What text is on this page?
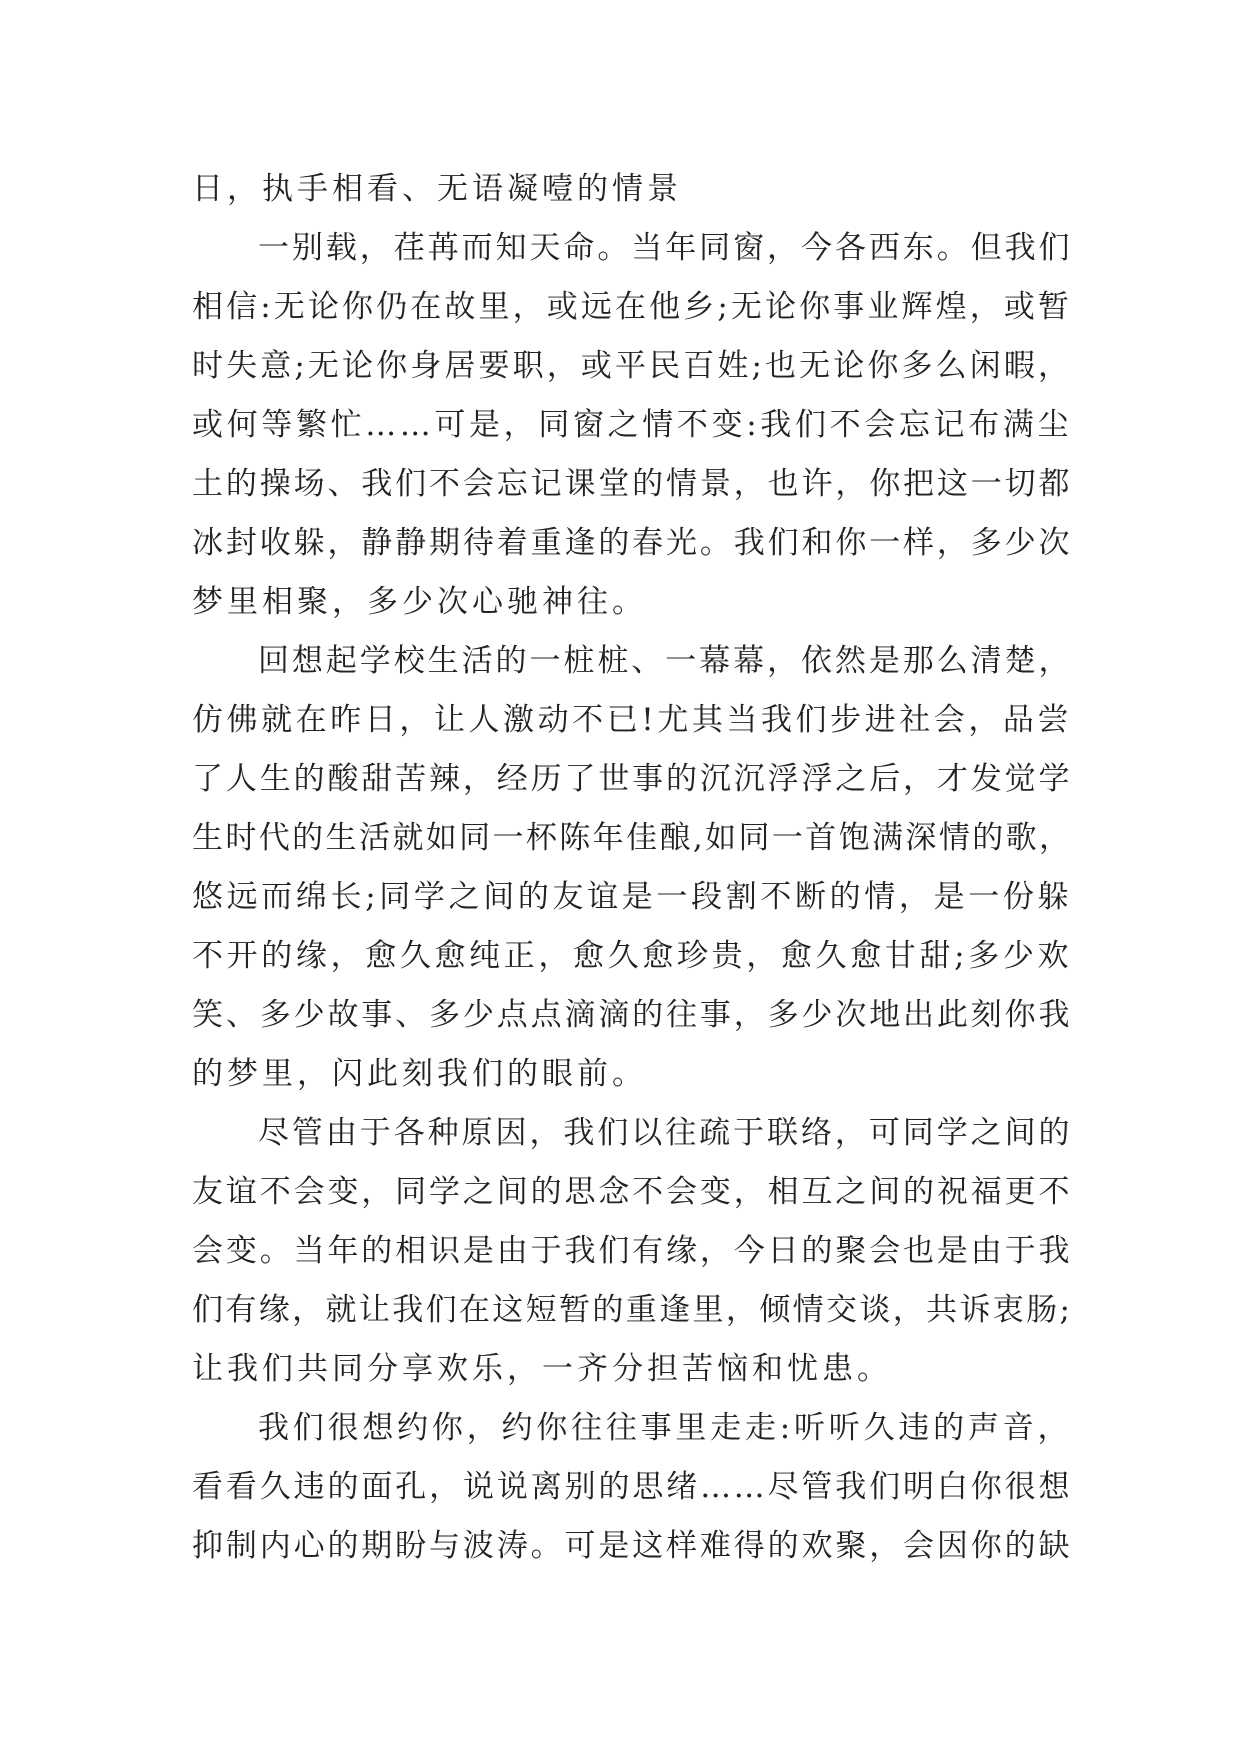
日，执手相看、无语凝噎的情景
一别载，荏苒而知天命。当年同窗，今各西东。但我们
相信:无论你仍在故里，或远在他乡;无论你事业辉煌，或暂
时失意;无论你身居要职，或平民百姓;也无论你多么闲暇，
或何等繁忙……可是，同窗之情不变:我们不会忘记布满尘
土的操场、我们不会忘记课堂的情景，也许，你把这一切都
冰封收躲，静静期待着重逢的春光。我们和你一样，多少次
梦里相聚，多少次心驰神往。
回想起学校生活的一桩桩、一幕幕，依然是那么清楚，
仿佛就在昨日，让人激动不已!尤其当我们步进社会，品尝
了人生的酸甜苦辣，经历了世事的沉沉浮浮之后，才发觉学
生时代的生活就如同一杯陈年佳酿,如同一首饱满深情的歌，
悠远而绵长;同学之间的友谊是一段割不断的情，是一份躲
不开的缘，愈久愈纯正，愈久愈珍贵，愈久愈甘甜;多少欢
笑、多少故事、多少点点滴滴的往事，多少次地出此刻你我
的梦里，闪此刻我们的眼前。
尽管由于各种原因，我们以往疏于联络，可同学之间的
友谊不会变，同学之间的思念不会变，相互之间的祝福更不
会变。当年的相识是由于我们有缘，今日的聚会也是由于我
们有缘，就让我们在这短暂的重逢里，倾情交谈，共诉衷肠;
让我们共同分享欢乐，一齐分担苦恼和忧患。
我们很想约你，约你往往事里走走:听听久违的声音，
看看久违的面孔，说说离别的思绪……尽管我们明白你很想
抑制内心的期盼与波涛。可是这样难得的欢聚，会因你的缺
